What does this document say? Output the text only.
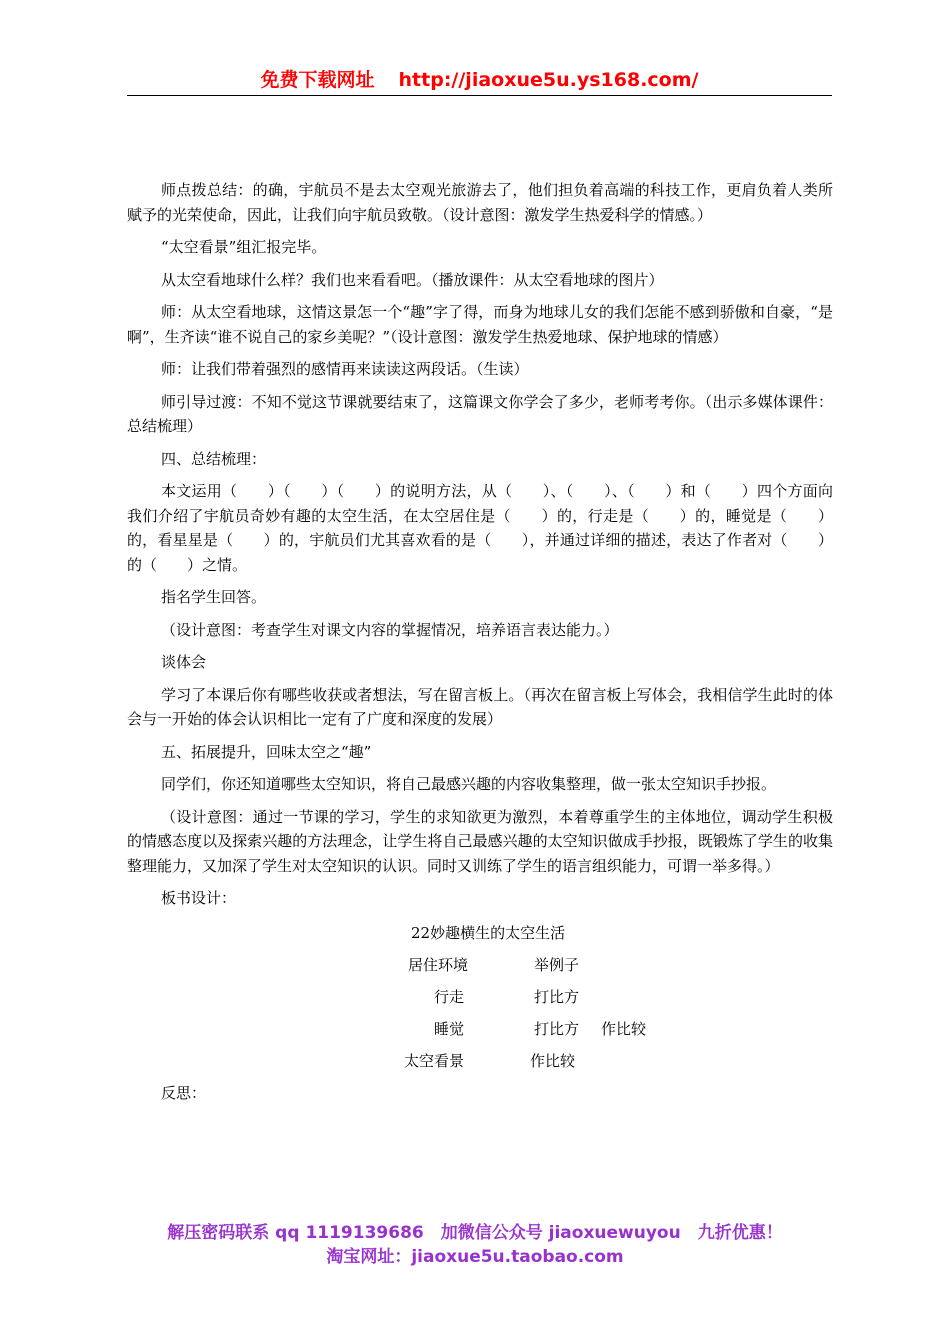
免费下载网址 http://jiaoxue5u.ys168.com/

师点拨总结：的确，宇航员不是去太空观光旅游去了，他们担负着高端的科技工作，更肩负着人类所赋予的光荣使命，因此，让我们向宇航员致敬。（设计意图：激发学生热爱科学的情感。）

“太空看景”组汇报完毕。

从太空看地球什么样？我们也来看看吧。（播放课件：从太空看地球的图片）

师：从太空看地球，这情这景怎一个“趣”字了得，而身为地球儿女的我们怎能不感到骄傲和自豪，“是啊”，生齐读“谁不说自己的家乡美呢？”（设计意图：激发学生热爱地球、保护地球的情感）

师：让我们带着强烈的感情再来读读这两段话。（生读）

师引导过渡：不知不觉这节课就要结束了，这篇课文你学会了多少，老师考考你。（出示多媒体课件：总结梳理）

四、总结梳理：

本文运用（　　）（　　）（　　）的说明方法，从（　　）、（　　）、（　　）和（　　）四个方面向我们介绍了宇航员奇妙有趣的太空生活，在太空居住是（　　）的，行走是（　　）的，睡觉是（　　）的，看星星是（　　）的，宇航员们尤其喜欢看的是（　　），并通过详细的描述，表达了作者对（　　）的（　　）之情。

指名学生回答。

（设计意图：考查学生对课文内容的掌握情况，培养语言表达能力。）

谈体会

学习了本课后你有哪些收获或者想法，写在留言板上。（再次在留言板上写体会，我相信学生此时的体会与一开始的体会认识相比一定有了广度和深度的发展）

五、拓展提升，回味太空之“趣”

同学们，你还知道哪些太空知识，将自己最感兴趣的内容收集整理，做一张太空知识手抄报。

（设计意图：通过一节课的学习，学生的求知欲更为激烈，本着尊重学生的主体地位，调动学生积极的情感态度以及探索兴趣的方法理念，让学生将自己最感兴趣的太空知识做成手抄报，既锻炼了学生的收集整理能力，又加深了学生对太空知识的认识。同时又训练了学生的语言组织能力，可谓一举多得。）

板书设计：

22妙趣横生的太空生活
居住环境	举例子
行走	打比方
睡觉	打比方 作比较
太空看景	作比较

反思：

解压密码联系 qq 1119139686　加微信公众号 jiaoxuewuyou　九折优惠！
淘宝网址：jiaoxue5u.taobao.com
